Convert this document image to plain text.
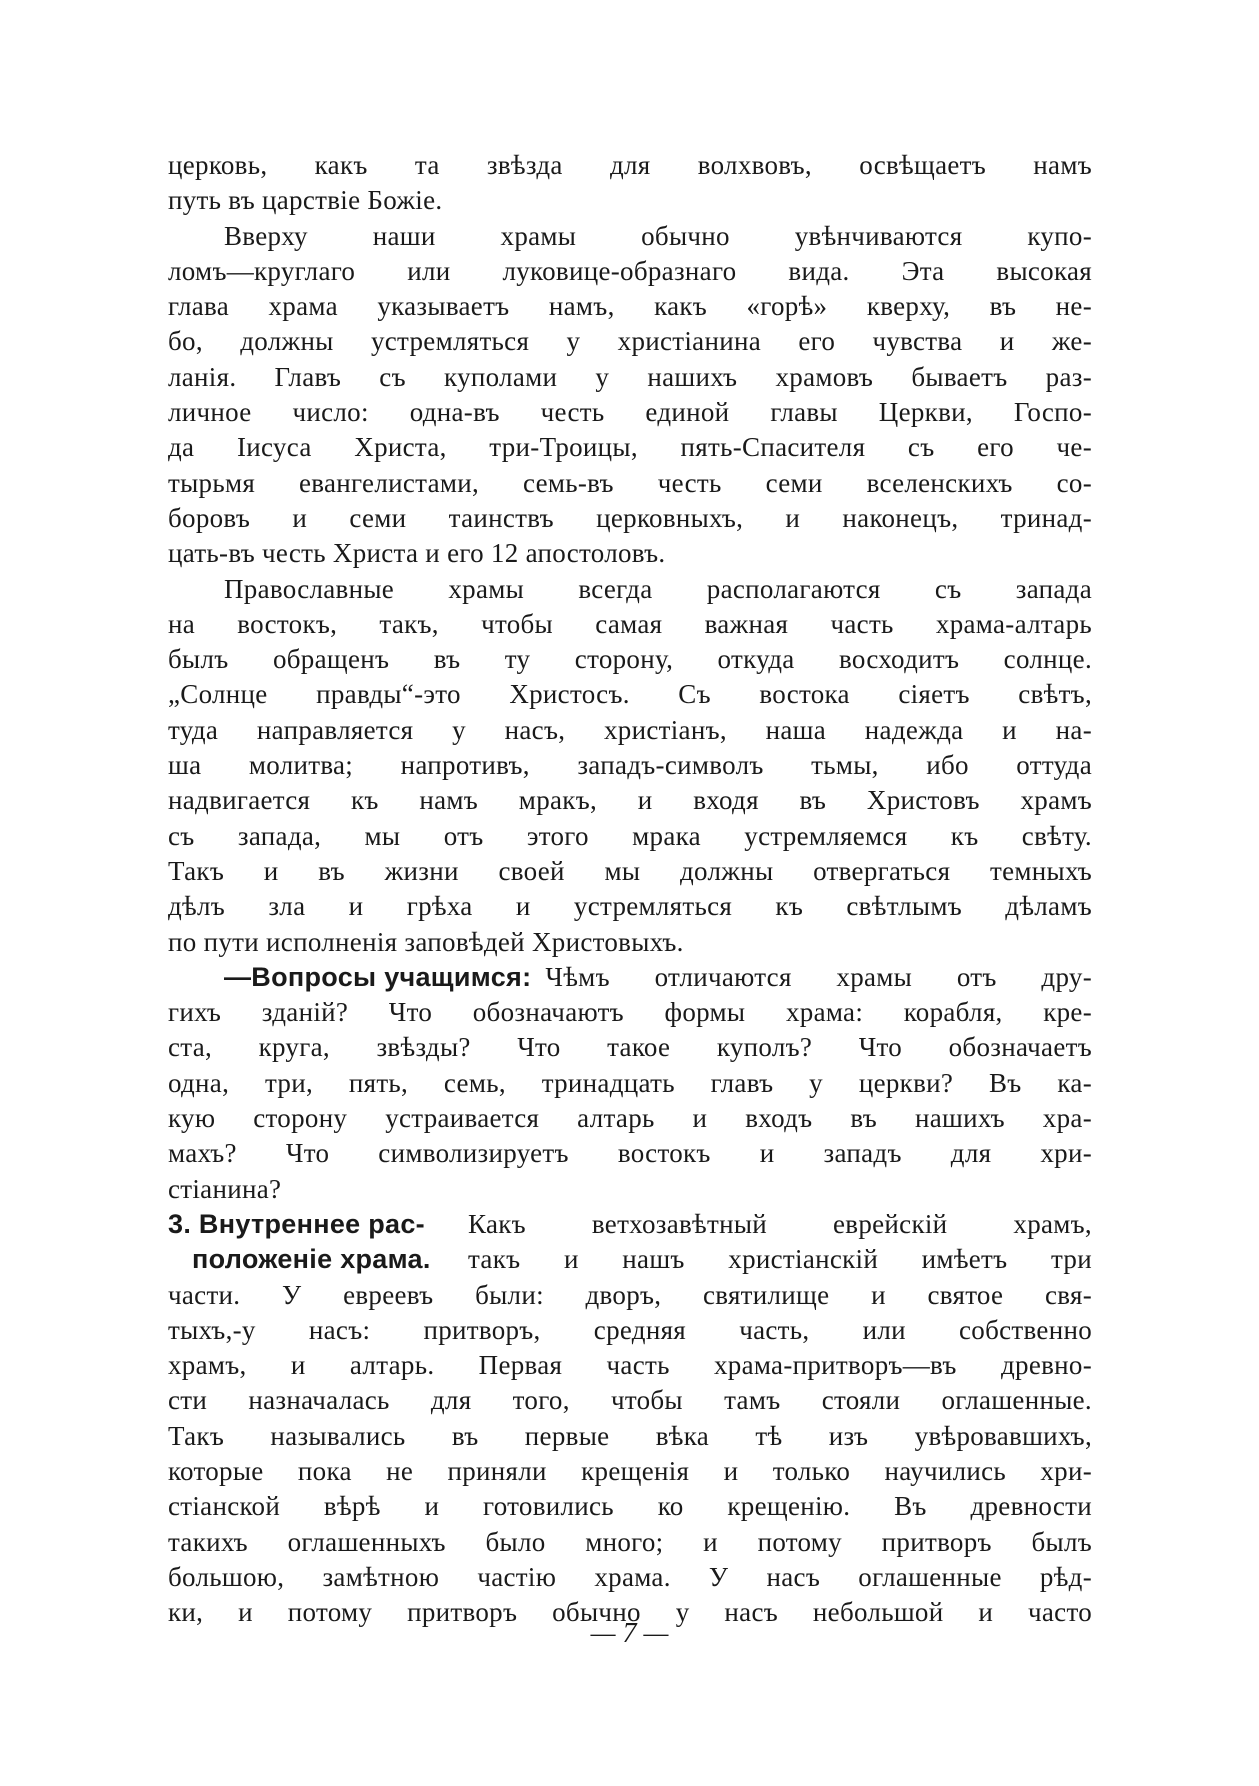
церковь, какъ та звѣзда для волхвовъ, освѣщаетъ намъ
путь въ царствіе Божіе.
Вверху наши храмы обычно увѣнчиваются купо-
ломъ—круглаго или луковице-образнаго вида. Эта высокая
глава храма указываетъ намъ, какъ «горѣ» кверху, въ не-
бо, должны устремляться у христіанина его чувства и же-
ланія. Главъ съ куполами у нашихъ храмовъ бываетъ раз-
личное число: одна-въ честь единой главы Церкви, Госпо-
да Іисуса Христа, три-Троицы, пять-Спасителя съ его че-
тырьмя евангелистами, семь-въ честь семи вселенскихъ со-
боровъ и семи таинствъ церковныхъ, и наконецъ, тринад-
цать-въ честь Христа и его 12 апостоловъ.
Православные храмы всегда располагаются съ запада
на востокъ, такъ, чтобы самая важная часть храма-алтарь
былъ обращенъ въ ту сторону, откуда восходитъ солнце.
„Солнце правды“-это Христосъ. Съ востока сіяетъ свѣтъ,
туда направляется у насъ, христіанъ, наша надежда и на-
ша молитва; напротивъ, западъ-символъ тьмы, ибо оттуда
надвигается къ намъ мракъ, и входя въ Христовъ храмъ
съ запада, мы отъ этого мрака устремляемся къ свѣту.
Такъ и въ жизни своей мы должны отвергаться темныхъ
дѣлъ зла и грѣха и устремляться къ свѣтлымъ дѣламъ
по пути исполненія заповѣдей Христовыхъ.
—Вопросы учащимся: Чѣмъ отличаются храмы отъ дру-
гихъ зданій? Что обозначаютъ формы храма: корабля, кре-
ста, круга, звѣзды? Что такое куполъ? Что обозначаетъ
одна, три, пять, семь, тринадцать главъ у церкви? Въ ка-
кую сторону устраивается алтарь и входъ въ нашихъ хра-
махъ? Что символизируетъ востокъ и западъ для хри-
стіанина?
3. Внутреннее рас-	Какъ ветхозавѣтный еврейскій храмъ,
положеніе храма.	такъ и нашъ христіанскій имѣетъ три
части. У евреевъ были: дворъ, святилище и святое свя-
тыхъ,-у насъ: притворъ, средняя часть, или собственно
храмъ, и алтарь. Первая часть храма-притворъ—въ древно-
сти назначалась для того, чтобы тамъ стояли оглашенные.
Такъ назывались въ первые вѣка тѣ изъ увѣровавшихъ,
которые пока не приняли крещенія и только научились хри-
стіанской вѣрѣ и готовились ко крещенію. Въ древности
такихъ оглашенныхъ было много; и потому притворъ былъ
большою, замѣтною частію храма. У насъ оглашенные рѣд-
ки, и потому притворъ обычно у насъ небольшой и часто
— 7 —
